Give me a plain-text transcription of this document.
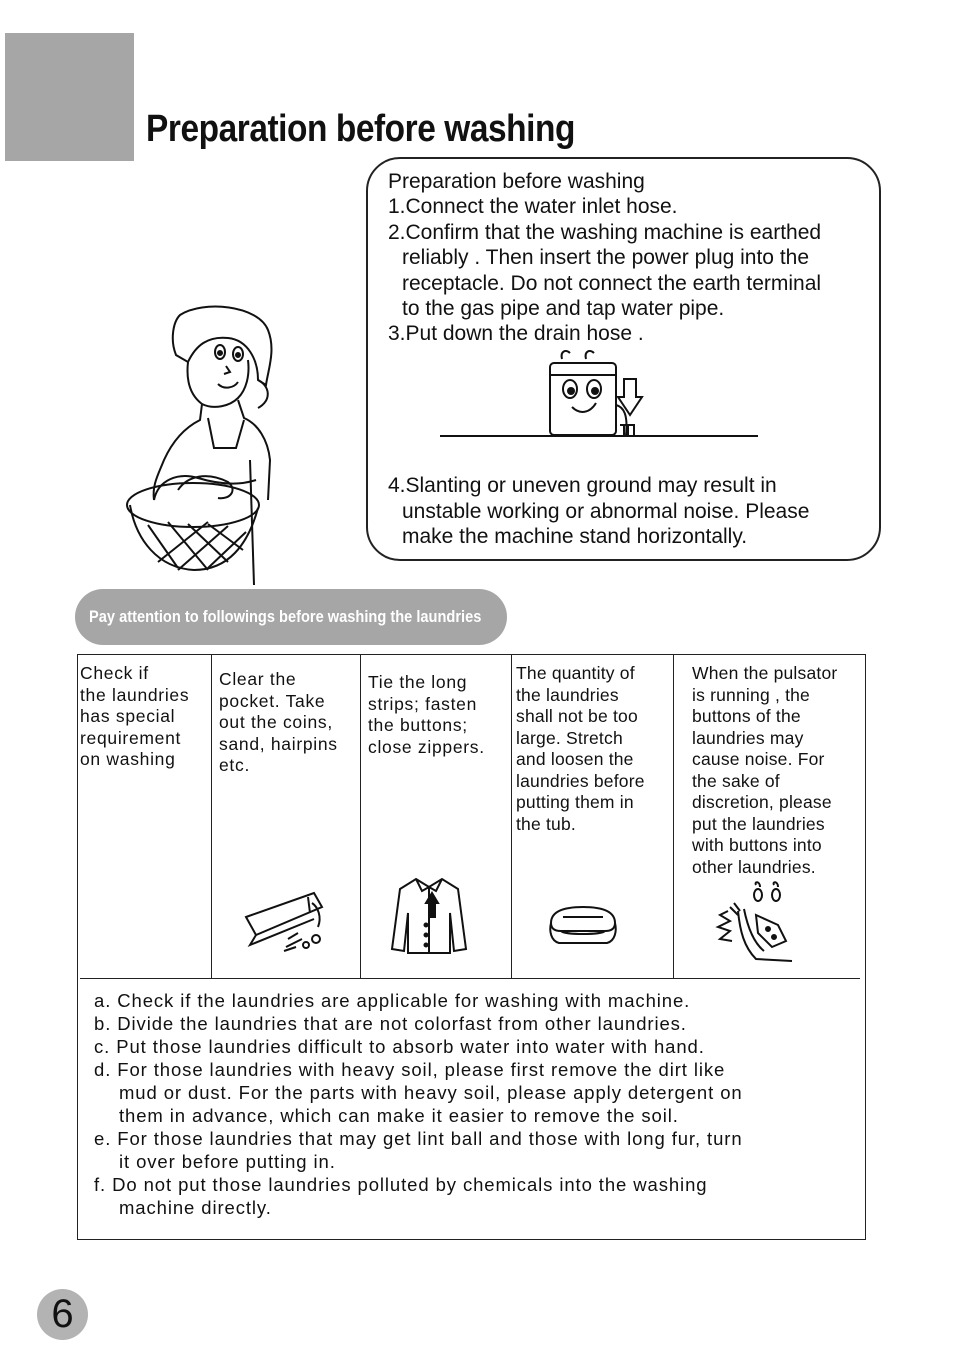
Preparation before washing

Preparation before washing

1.Connect the water inlet hose.

2.Confirm that the washing machine is earthed

reliably . Then insert the power plug into the

receptacle. Do not connect the earth terminal

to the gas pipe and tap water pipe.

3.Put down the drain hose .

4.Slanting or uneven ground may result in

unstable working or abnormal noise. Please

make the machine stand horizontally.

Pay attention to followings before washing the laundries
Check if
the laundries
has special
requirement
on washing
Clear the
pocket. Take
out the coins,
sand, hairpins
etc.
Tie the long
strips; fasten
the buttons;
close zippers.
The quantity of
the laundries
shall not be too
large. Stretch
and loosen the
laundries before
putting them in
the tub.
When the pulsator
is running , the
buttons of the
laundries may
cause noise. For
the sake of
discretion, please
put the laundries
with buttons into
other laundries.
a. Check if the laundries are applicable for washing with machine.
b. Divide the laundries that are not colorfast from other laundries.
c. Put those laundries difficult to absorb water into water with hand.
d. For those laundries with heavy soil, please first remove the dirt like
mud or dust. For the parts with heavy soil, please apply detergent on
them in advance, which can make it easier to remove the soil.
e. For those laundries that may get lint ball and those with long fur, turn
it over before putting in.
f. Do not put those laundries polluted by chemicals into the washing
machine directly.
6
